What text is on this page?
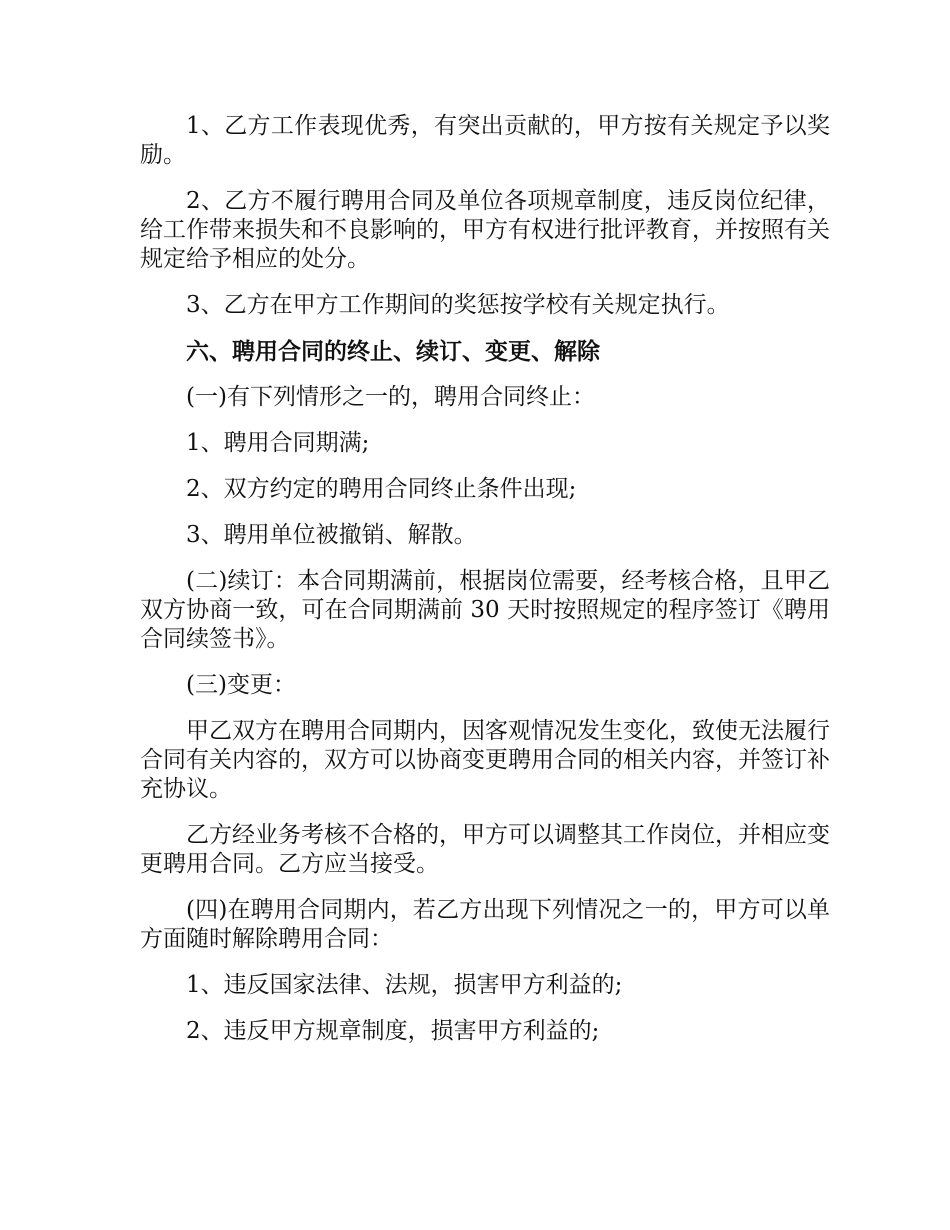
1、乙方工作表现优秀，有突出贡献的，甲方按有关规定予以奖励。

2、乙方不履行聘用合同及单位各项规章制度，违反岗位纪律，给工作带来损失和不良影响的，甲方有权进行批评教育，并按照有关规定给予相应的处分。

3、乙方在甲方工作期间的奖惩按学校有关规定执行。

六、聘用合同的终止、续订、变更、解除

(一)有下列情形之一的，聘用合同终止：

1、聘用合同期满;

2、双方约定的聘用合同终止条件出现;

3、聘用单位被撤销、解散。

(二)续订：本合同期满前，根据岗位需要，经考核合格，且甲乙双方协商一致，可在合同期满前 30 天时按照规定的程序签订《聘用合同续签书》。

(三)变更：

甲乙双方在聘用合同期内，因客观情况发生变化，致使无法履行合同有关内容的，双方可以协商变更聘用合同的相关内容，并签订补充协议。

乙方经业务考核不合格的，甲方可以调整其工作岗位，并相应变更聘用合同。乙方应当接受。

(四)在聘用合同期内，若乙方出现下列情况之一的，甲方可以单方面随时解除聘用合同：

1、违反国家法律、法规，损害甲方利益的;

2、违反甲方规章制度，损害甲方利益的;
